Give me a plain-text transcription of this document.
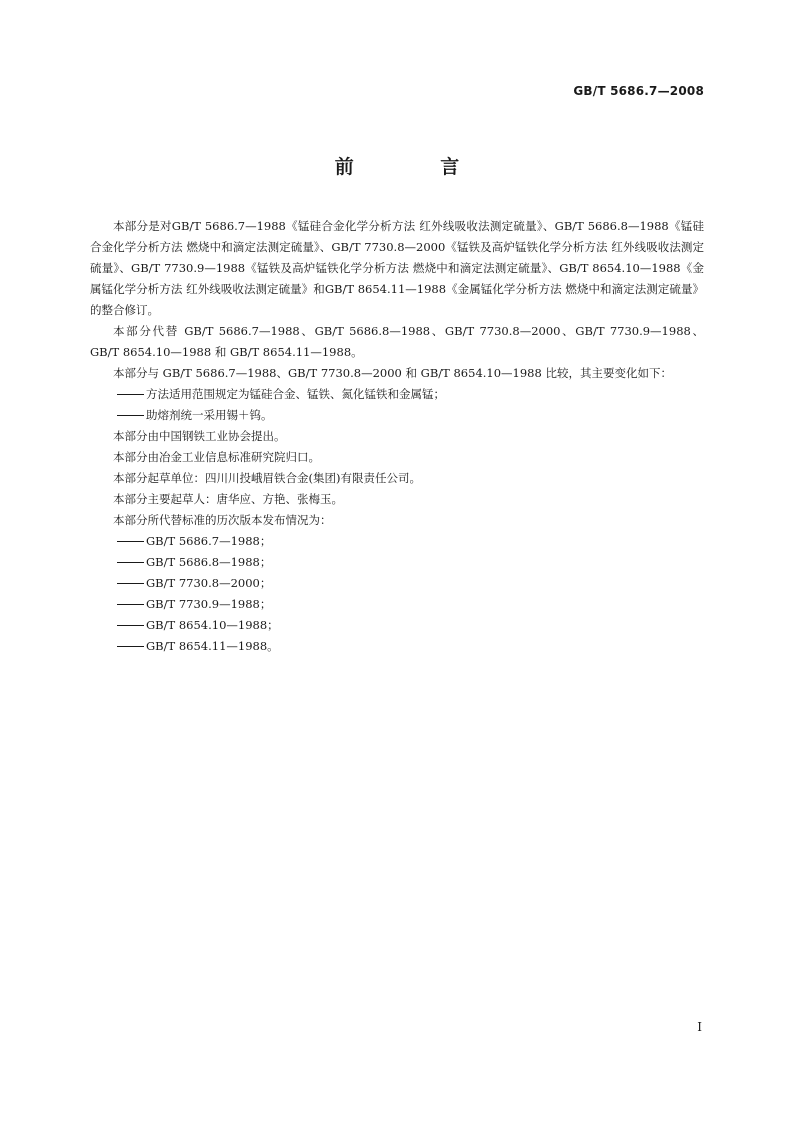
GB/T 5686.7—2008
前 言

本部分是对GB/T 5686.7—1988《锰硅合金化学分析方法 红外线吸收法测定硫量》、GB/T 5686.8—1988《锰硅合金化学分析方法 燃烧中和滴定法测定硫量》、GB/T 7730.8—2000《锰铁及高炉锰铁化学分析方法 红外线吸收法测定硫量》、GB/T 7730.9—1988《锰铁及高炉锰铁化学分析方法 燃烧中和滴定法测定硫量》、GB/T 8654.10—1988《金属锰化学分析方法 红外线吸收法测定硫量》和GB/T 8654.11—1988《金属锰化学分析方法 燃烧中和滴定法测定硫量》的整合修订。

本部分代替 GB/T 5686.7—1988、GB/T 5686.8—1988、GB/T 7730.8—2000、GB/T 7730.9—1988、GB/T 8654.10—1988 和 GB/T 8654.11—1988。

本部分与 GB/T 5686.7—1988、GB/T 7730.8—2000 和 GB/T 8654.10—1988 比较，其主要变化如下：

方法适用范围规定为锰硅合金、锰铁、氮化锰铁和金属锰；

助熔剂统一采用锡＋钨。

本部分由中国钢铁工业协会提出。

本部分由冶金工业信息标准研究院归口。

本部分起草单位：四川川投峨眉铁合金(集团)有限责任公司。

本部分主要起草人：唐华应、方艳、张梅玉。

本部分所代替标准的历次版本发布情况为：

GB/T 5686.7—1988；

GB/T 5686.8—1988；

GB/T 7730.8—2000；

GB/T 7730.9—1988；

GB/T 8654.10—1988；

GB/T 8654.11—1988。

I
